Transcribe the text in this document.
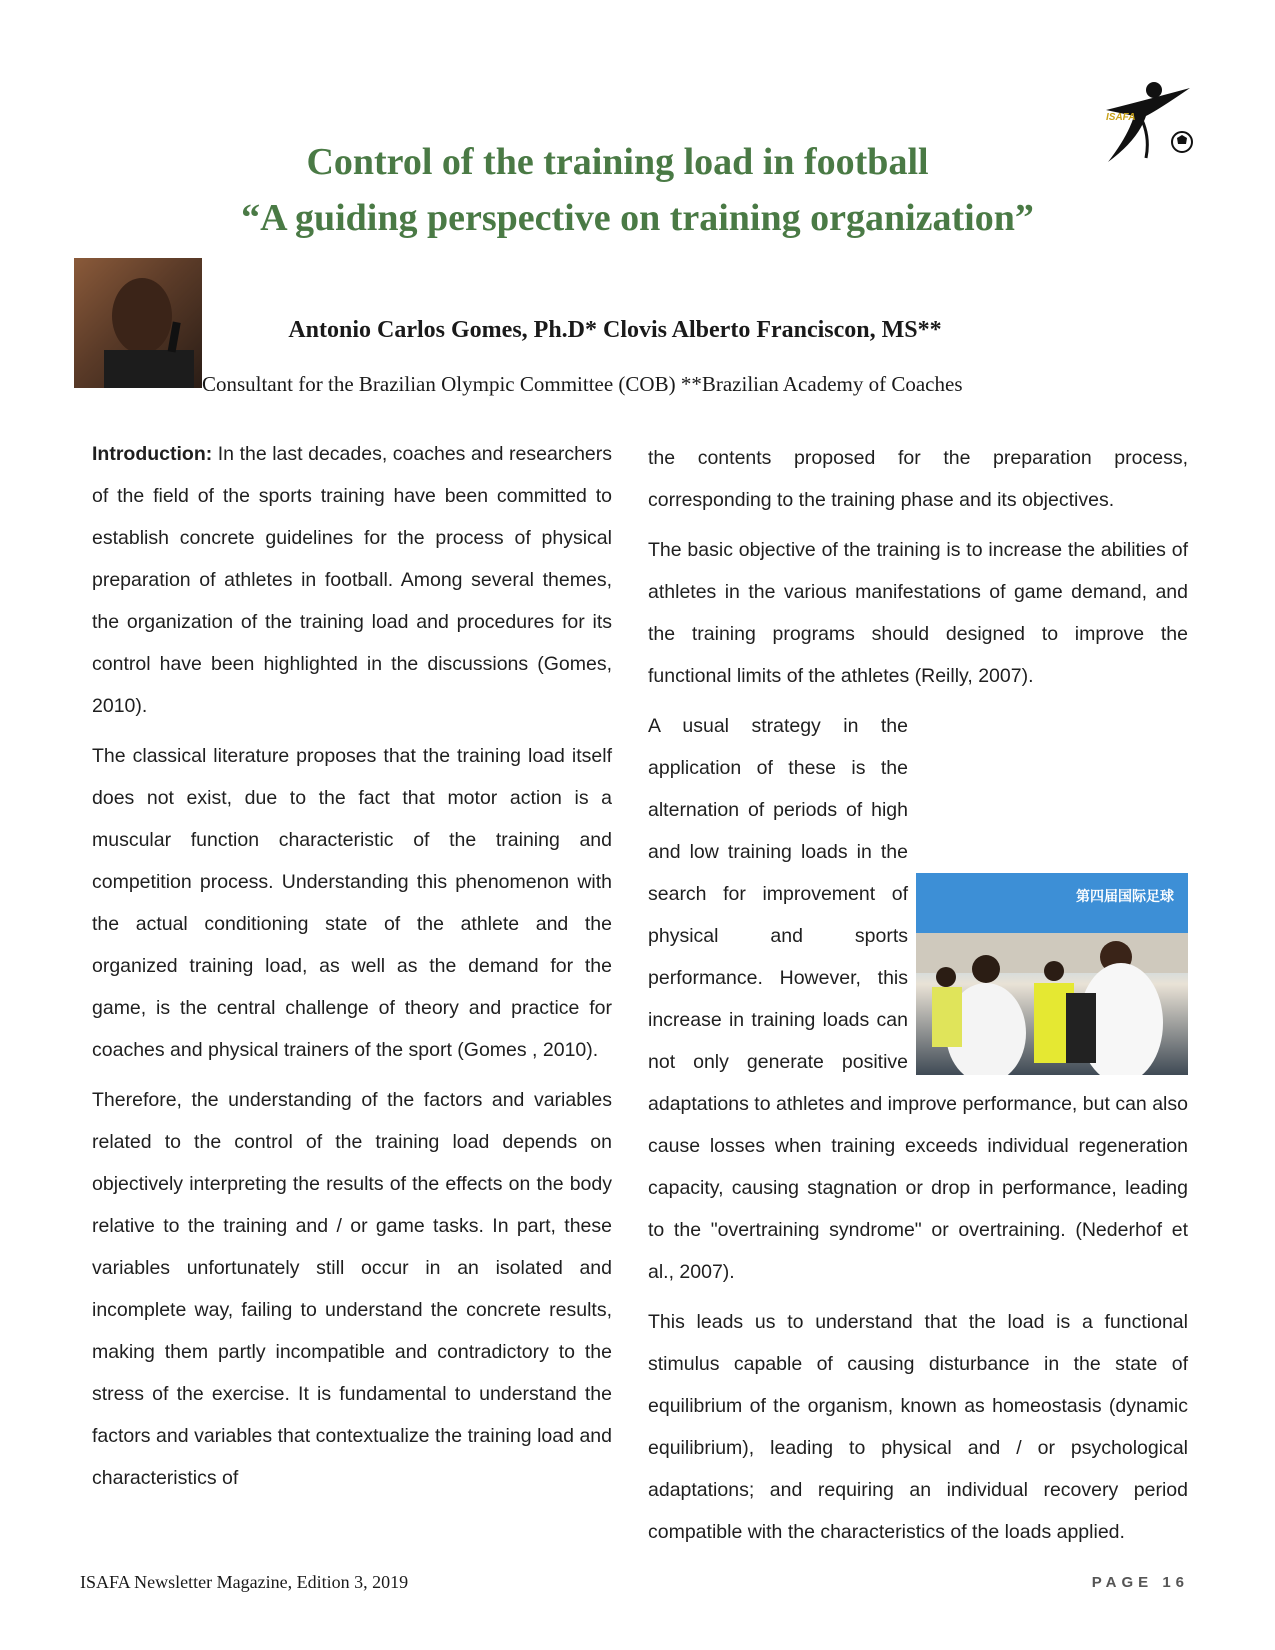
ISAFA
Control of the training load in football
“A guiding perspective on training organization”
Antonio Carlos Gomes, Ph.D* Clovis Alberto Franciscon, MS**
Consultant for the Brazilian Olympic Committee (COB) **Brazilian Academy of Coaches

Introduction: In the last decades, coaches and researchers of the field of the sports training have been committed to establish concrete guidelines for the process of physical preparation of athletes in football. Among several themes, the organization of the training load and procedures for its control have been highlighted in the discussions (Gomes, 2010).

The classical literature proposes that the training load itself does not exist, due to the fact that motor action is a muscular function characteristic of the training and competition process. Understanding this phenomenon with the actual conditioning state of the athlete and the organized training load, as well as the demand for the game, is the central challenge of theory and practice for coaches and physical trainers of the sport (Gomes , 2010).

Therefore, the understanding of the factors and variables related to the control of the training load depends on objectively interpreting the results of the effects on the body relative to the training and / or game tasks. In part, these variables unfortunately still occur in an isolated and incomplete way, failing to understand the concrete results, making them partly incompatible and contradictory to the stress of the exercise. It is fundamental to understand the factors and variables that contextualize the training load and characteristics of

the contents proposed for the preparation process, corresponding to the training phase and its objectives.

The basic objective of the training is to increase the abilities of athletes in the various manifestations of game demand, and the training programs should designed to improve the functional limits of the athletes (Reilly, 2007).

第四届国际足球
A usual strategy in the application of these is the alternation of periods of high and low training loads in the search for improvement of physical and sports performance. However, this increase in training loads can not only generate positive adaptations to athletes and improve performance, but can also cause losses when training exceeds individual regeneration capacity, causing stagnation or drop in performance, leading to the "overtraining syndrome" or overtraining. (Nederhof et al., 2007).

This leads us to understand that the load is a functional stimulus capable of causing disturbance in the state of equilibrium of the organism, known as homeostasis (dynamic equilibrium), leading to physical and / or psychological adaptations; and requiring an individual recovery period compatible with the characteristics of the loads applied.

ISAFA Newsletter Magazine, Edition 3, 2019	PAGE 16
